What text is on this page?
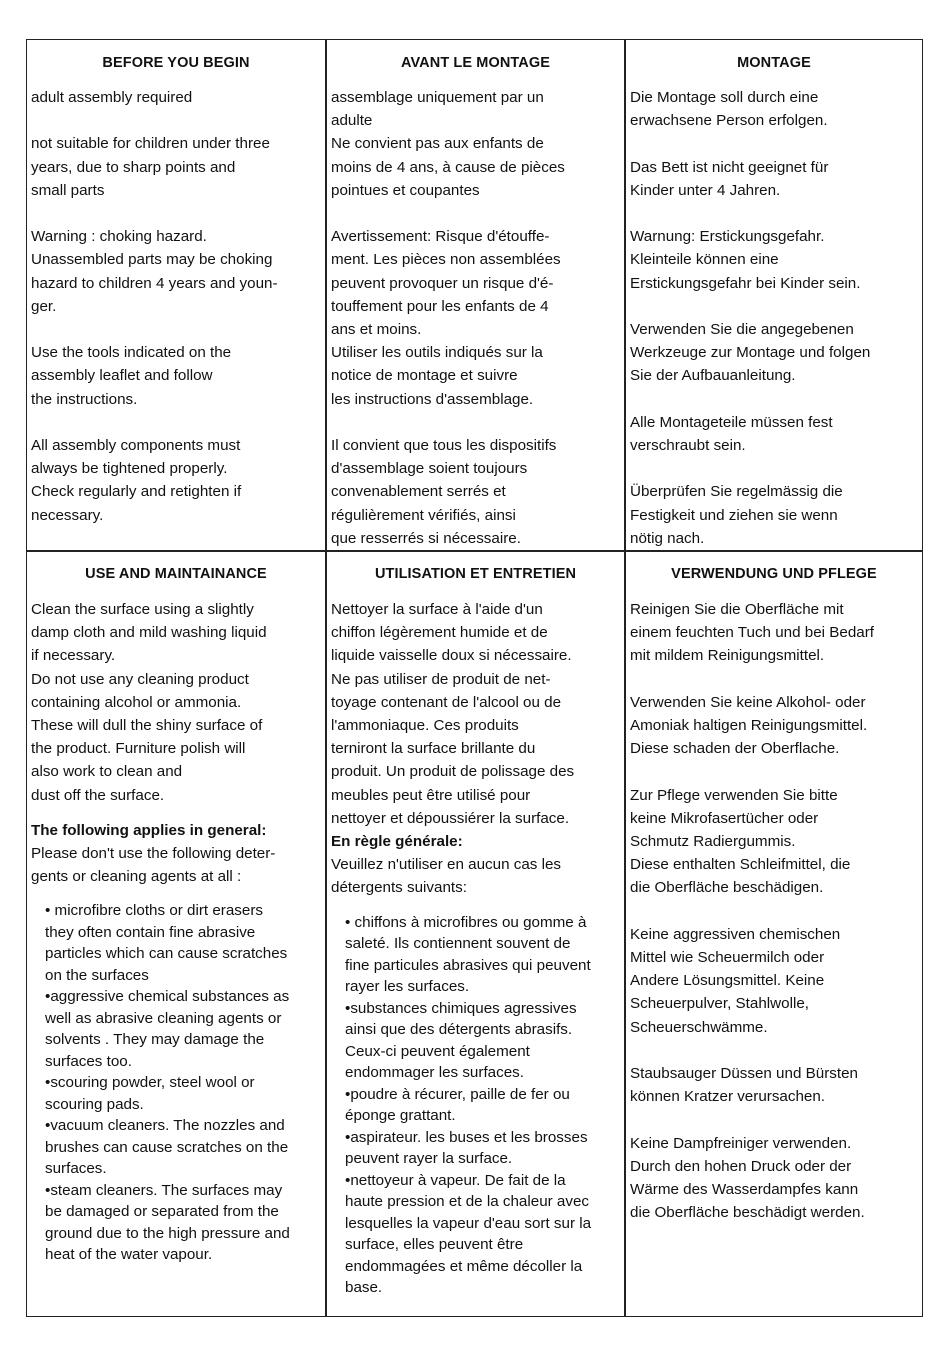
BEFORE YOU BEGIN

adult assembly required

not suitable for children under three
years, due to sharp points and
small parts

Warning : choking hazard.
Unassembled parts may be choking
hazard to children 4 years and youn-
ger.

Use the tools indicated on the
assembly leaflet and follow
the instructions.

All assembly components must
always be tightened properly.
Check regularly and retighten if
necessary.

AVANT LE MONTAGE

assemblage uniquement par un
adulte

Ne convient pas aux enfants de
moins de 4 ans, à cause de pièces
pointues et coupantes

Avertissement: Risque d'étouffe-
ment. Les pièces non assemblées
peuvent provoquer un risque d'é-
touffement pour les enfants de 4
ans et moins.

Utiliser les outils indiqués sur la
notice de montage et suivre
les instructions d'assemblage.

Il convient que tous les dispositifs
d'assemblage soient toujours
convenablement serrés et
régulièrement vérifiés, ainsi
que resserrés si nécessaire.

MONTAGE

Die Montage soll durch eine
erwachsene Person erfolgen.

Das Bett ist nicht geeignet für
Kinder unter 4 Jahren.

Warnung: Erstickungsgefahr.
Kleinteile können eine
Erstickungsgefahr bei Kinder sein.

Verwenden Sie die angegebenen
Werkzeuge zur Montage und folgen
Sie der Aufbauanleitung.

Alle Montageteile müssen fest
verschraubt sein.

Überprüfen Sie regelmässig die
Festigkeit und ziehen sie wenn
nötig nach.

USE AND MAINTAINANCE

Clean the surface using a slightly
damp cloth and mild washing liquid
if necessary.
Do not use any cleaning product
containing alcohol or ammonia.
These will dull the shiny surface of
the product. Furniture polish will
also work to clean and
dust off the surface.

The following applies in general:

Please don't use the following deter-
gents or cleaning agents at all :

• microfibre cloths or dirt erasers
they often contain fine abrasive
particles which can cause scratches
on the surfaces
•aggressive chemical substances as
well as abrasive cleaning agents or
solvents . They may damage the
surfaces too.
•scouring powder, steel wool or
scouring pads.
•vacuum cleaners. The nozzles and
brushes can cause scratches on the
surfaces.
•steam cleaners. The surfaces may
be damaged or separated from the
ground due to the high pressure and
heat of the water vapour.
UTILISATION ET ENTRETIEN

Nettoyer la surface à l'aide d'un
chiffon légèrement humide et de
liquide vaisselle doux si nécessaire.
Ne pas utiliser de produit de net-
toyage contenant de l'alcool ou de
l'ammoniaque. Ces produits
terniront la surface brillante du
produit. Un produit de polissage des
meubles peut être utilisé pour
nettoyer et dépoussiérer la surface.

En règle générale:

Veuillez n'utiliser en aucun cas les
détergents suivants:

• chiffons à microfibres ou gomme à
saleté. Ils contiennent souvent de
fine particules abrasives qui peuvent
rayer les surfaces.
•substances chimiques agressives
ainsi que des détergents abrasifs.
Ceux-ci peuvent également
endommager les surfaces.
•poudre à récurer, paille de fer ou
éponge grattant.
•aspirateur. les buses et les brosses
peuvent rayer la surface.
•nettoyeur à vapeur. De fait de la
haute pression et de la chaleur avec
lesquelles la vapeur d'eau sort sur la
surface, elles peuvent être
endommagées et même décoller la
base.
VERWENDUNG UND PFLEGE

Reinigen Sie die Oberfläche mit
einem feuchten Tuch und bei Bedarf
mit mildem Reinigungsmittel.

Verwenden Sie keine Alkohol- oder
Amoniak haltigen Reinigungsmittel.
Diese schaden der Oberflache.

Zur Pflege verwenden Sie bitte
keine Mikrofasertücher oder
Schmutz Radiergummis.
Diese enthalten Schleifmittel, die
die Oberfläche beschädigen.

Keine aggressiven chemischen
Mittel wie Scheuermilch oder
Andere Lösungsmittel. Keine
Scheuerpulver, Stahlwolle,
Scheuerschwämme.

Staubsauger Düssen und Bürsten
können Kratzer verursachen.

Keine Dampfreiniger verwenden.
Durch den hohen Druck oder der
Wärme des Wasserdampfes kann
die Oberfläche beschädigt werden.
